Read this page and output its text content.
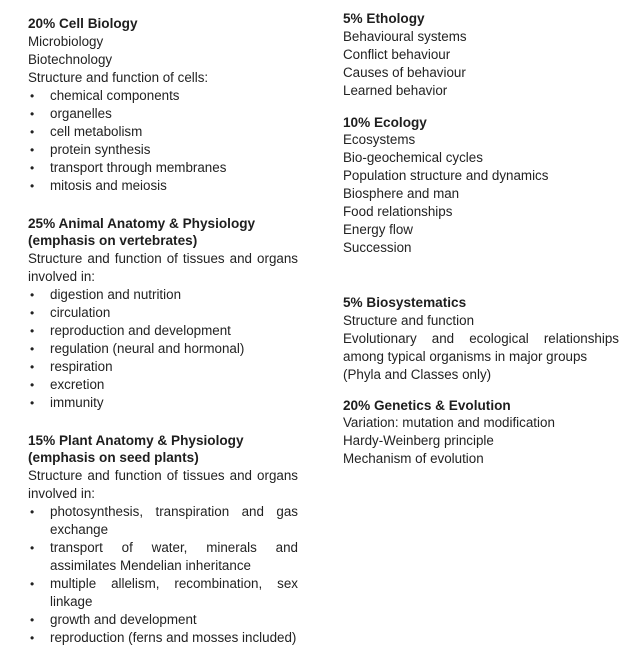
20% Cell Biology

Microbiology

Biotechnology

Structure and function of cells:

• chemical components
• organelles
• cell metabolism
• protein synthesis
• transport through membranes
• mitosis and meiosis

25% Animal Anatomy & Physiology

(emphasis on vertebrates)

Structure and function of tissues and organs involved in:

• digestion and nutrition
• circulation
• reproduction and development
• regulation (neural and hormonal)
• respiration
• excretion
• immunity

15% Plant Anatomy & Physiology

(emphasis on seed plants)

Structure and function of tissues and organs involved in:

• photosynthesis, transpiration and gas exchange
• transport of water, minerals and assimilates Mendelian inheritance
• multiple allelism, recombination, sex linkage
• growth and development
• reproduction (ferns and mosses included)

5% Ethology

Behavioural systems

Conflict behaviour

Causes of behaviour

Learned behavior

10% Ecology

Ecosystems

Bio-geochemical cycles

Population structure and dynamics

Biosphere and man

Food relationships

Energy flow

Succession

5% Biosystematics

Structure and function

Evolutionary and ecological relationships among typical organisms in major groups

(Phyla and Classes only)

20% Genetics & Evolution

Variation: mutation and modification

Hardy-Weinberg principle

Mechanism of evolution
